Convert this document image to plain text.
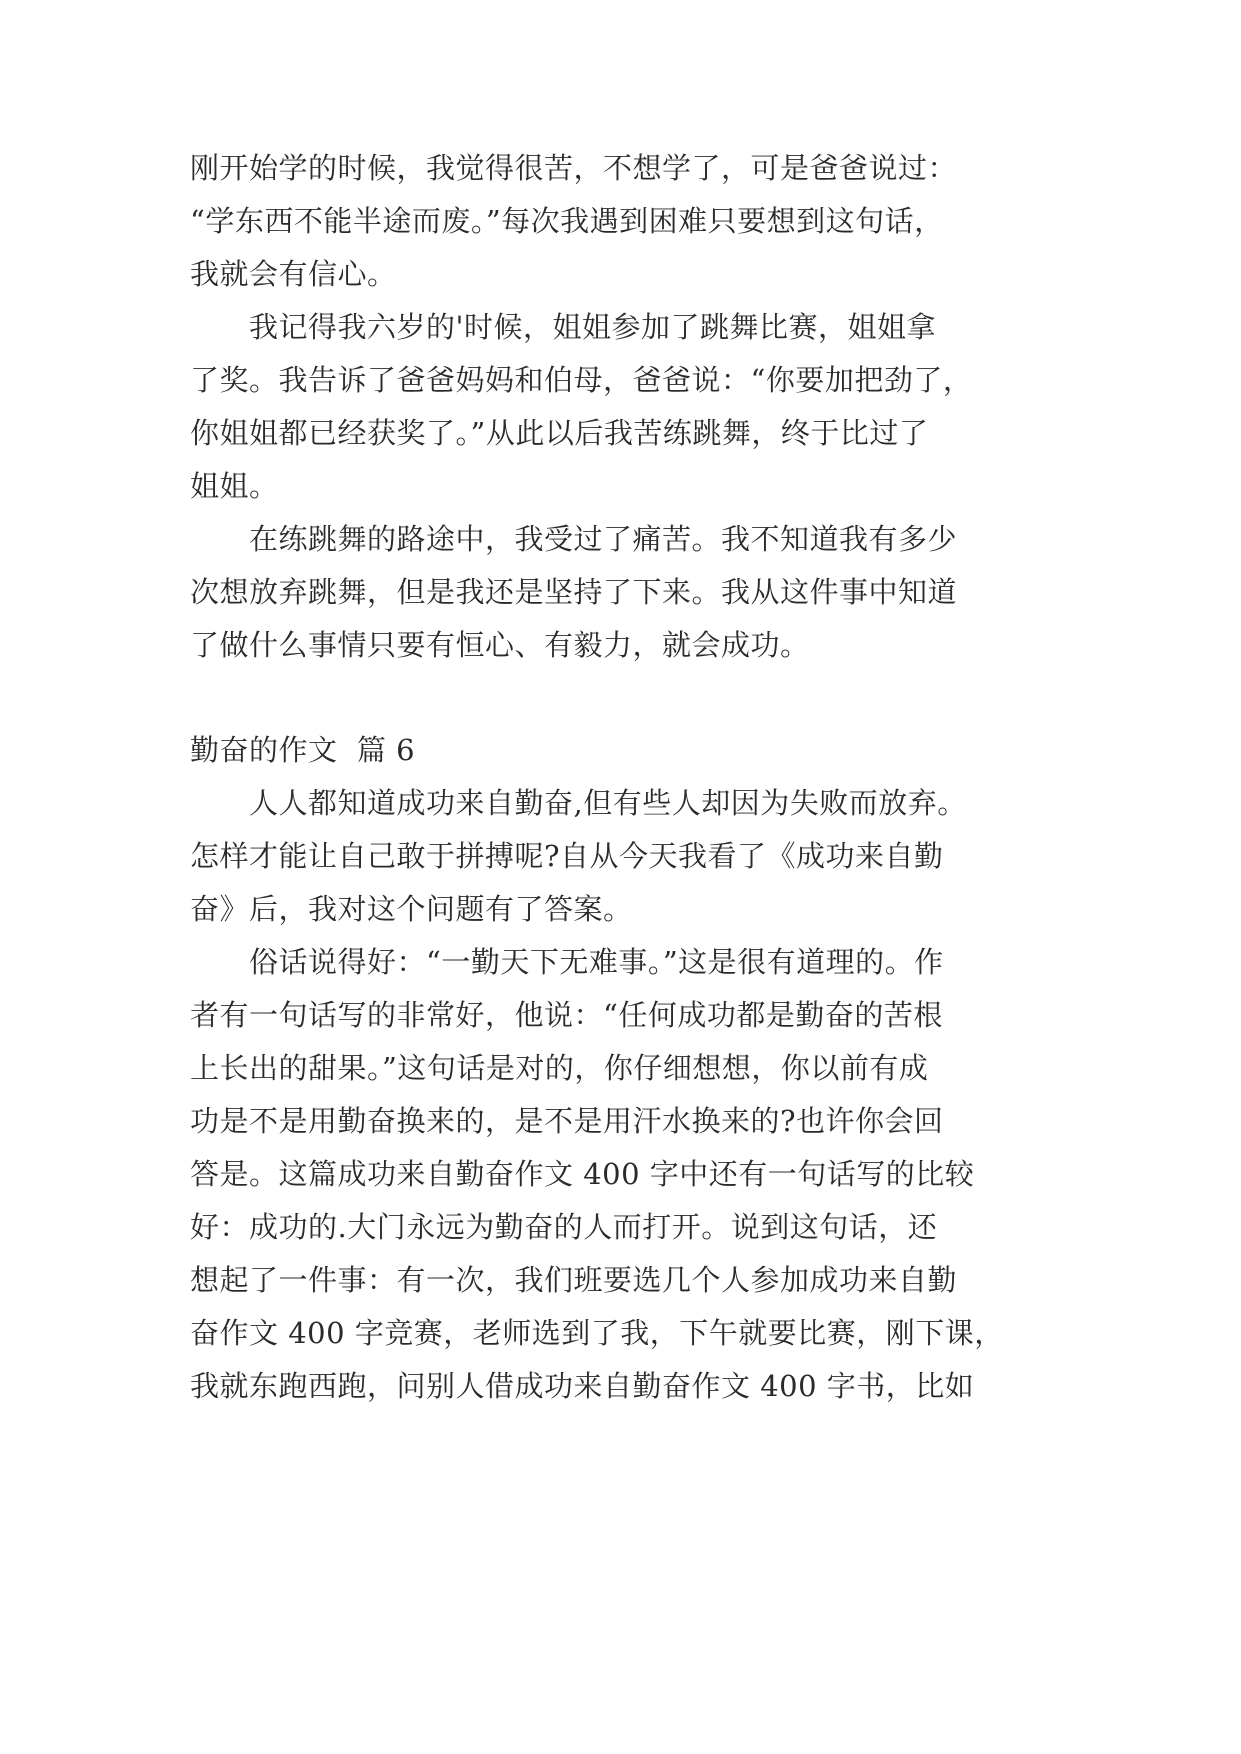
刚开始学的时候，我觉得很苦，不想学了，可是爸爸说过：
“学东西不能半途而废。”每次我遇到困难只要想到这句话，
我就会有信心。
　　我记得我六岁的'时候，姐姐参加了跳舞比赛，姐姐拿
了奖。我告诉了爸爸妈妈和伯母，爸爸说：“你要加把劲了，
你姐姐都已经获奖了。”从此以后我苦练跳舞，终于比过了
姐姐。
　　在练跳舞的路途中，我受过了痛苦。我不知道我有多少
次想放弃跳舞，但是我还是坚持了下来。我从这件事中知道
了做什么事情只要有恒心、有毅力，就会成功。
勤奋的作文  篇 6
　　人人都知道成功来自勤奋,但有些人却因为失败而放弃。
怎样才能让自己敢于拼搏呢?自从今天我看了《成功来自勤
奋》后，我对这个问题有了答案。
　　俗话说得好：“一勤天下无难事。”这是很有道理的。作
者有一句话写的非常好，他说：“任何成功都是勤奋的苦根
上长出的甜果。”这句话是对的，你仔细想想，你以前有成
功是不是用勤奋换来的，是不是用汗水换来的?也许你会回
答是。这篇成功来自勤奋作文 400 字中还有一句话写的比较
好：成功的.大门永远为勤奋的人而打开。说到这句话，还
想起了一件事：有一次，我们班要选几个人参加成功来自勤
奋作文 400 字竞赛，老师选到了我，下午就要比赛，刚下课，
我就东跑西跑，问别人借成功来自勤奋作文 400 字书，比如
